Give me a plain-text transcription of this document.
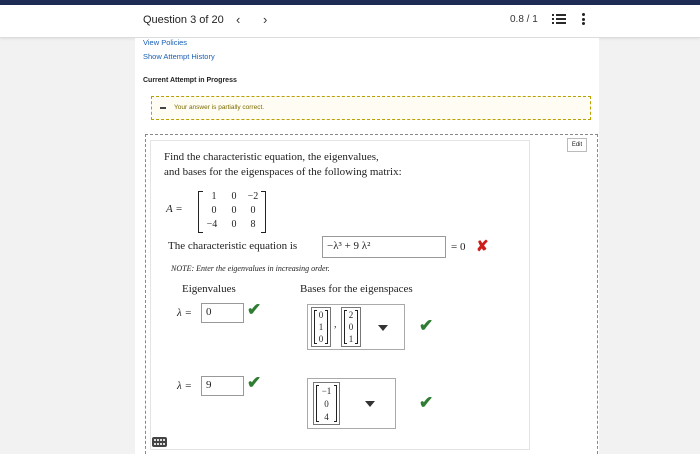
Question 3 of 20 ‹ ›	0.8 / 1
View Policies
Show Attempt History
Current Attempt in Progress
Your answer is partially correct.
Edit
Find the characteristic equation, the eigenvalues,
and bases for the eigenspaces of the following matrix:
A =
1	0	−2
0	0	0
−4	0	8
The characteristic equation is	−λ³ + 9 λ²	= 0 ✘
NOTE: Enter the eigenvalues in increasing order.
Eigenvalues	Bases for the eigenspaces
λ =	0	✔	0
1
0
,
2
0
1
✔
λ =	9	✔	−1
0
4
✔
